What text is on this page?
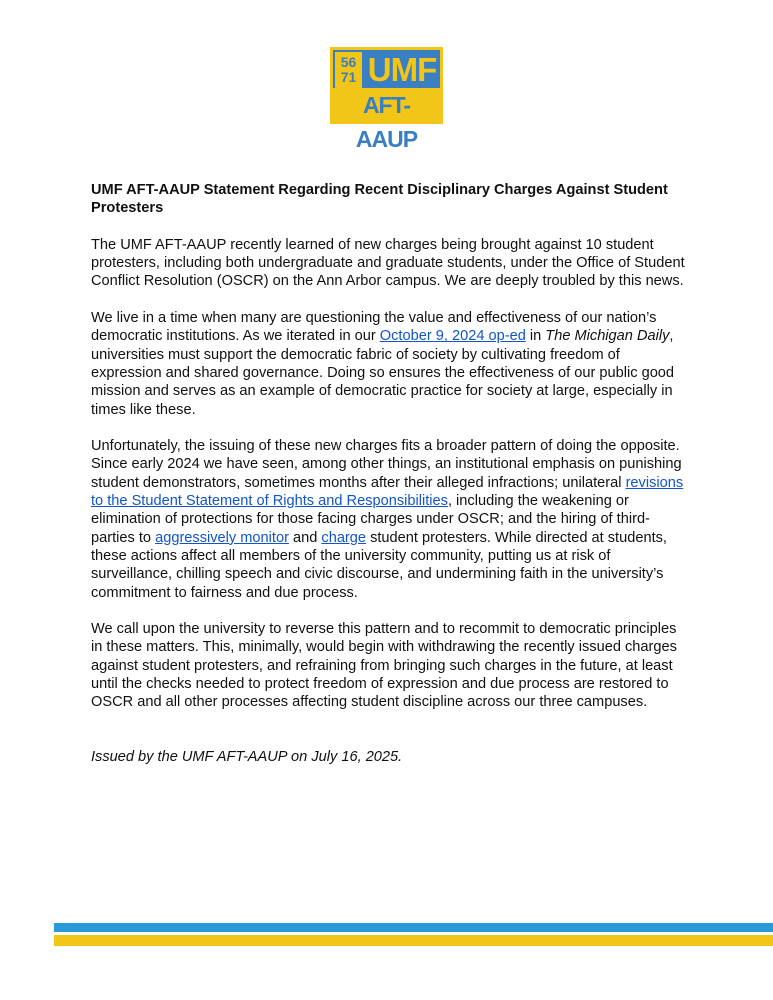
56
71 UMF
AFT-AAUP

UMF AFT-AAUP Statement Regarding Recent Disciplinary Charges Against Student Protesters

The UMF AFT-AAUP recently learned of new charges being brought against 10 student protesters, including both undergraduate and graduate students, under the Office of Student Conflict Resolution (OSCR) on the Ann Arbor campus. We are deeply troubled by this news.

We live in a time when many are questioning the value and effectiveness of our nation’s democratic institutions. As we iterated in our October 9, 2024 op-ed in The Michigan Daily, universities must support the democratic fabric of society by cultivating freedom of expression and shared governance. Doing so ensures the effectiveness of our public good mission and serves as an example of democratic practice for society at large, especially in times like these.

Unfortunately, the issuing of these new charges fits a broader pattern of doing the opposite. Since early 2024 we have seen, among other things, an institutional emphasis on punishing student demonstrators, sometimes months after their alleged infractions; unilateral revisions to the Student Statement of Rights and Responsibilities, including the weakening or elimination of protections for those facing charges under OSCR; and the hiring of third-parties to aggressively monitor and charge student protesters. While directed at students, these actions affect all members of the university community, putting us at risk of surveillance, chilling speech and civic discourse, and undermining faith in the university’s commitment to fairness and due process.

We call upon the university to reverse this pattern and to recommit to democratic principles in these matters. This, minimally, would begin with withdrawing the recently issued charges against student protesters, and refraining from bringing such charges in the future, at least until the checks needed to protect freedom of expression and due process are restored to OSCR and all other processes affecting student discipline across our three campuses.

Issued by the UMF AFT-AAUP on July 16, 2025.
